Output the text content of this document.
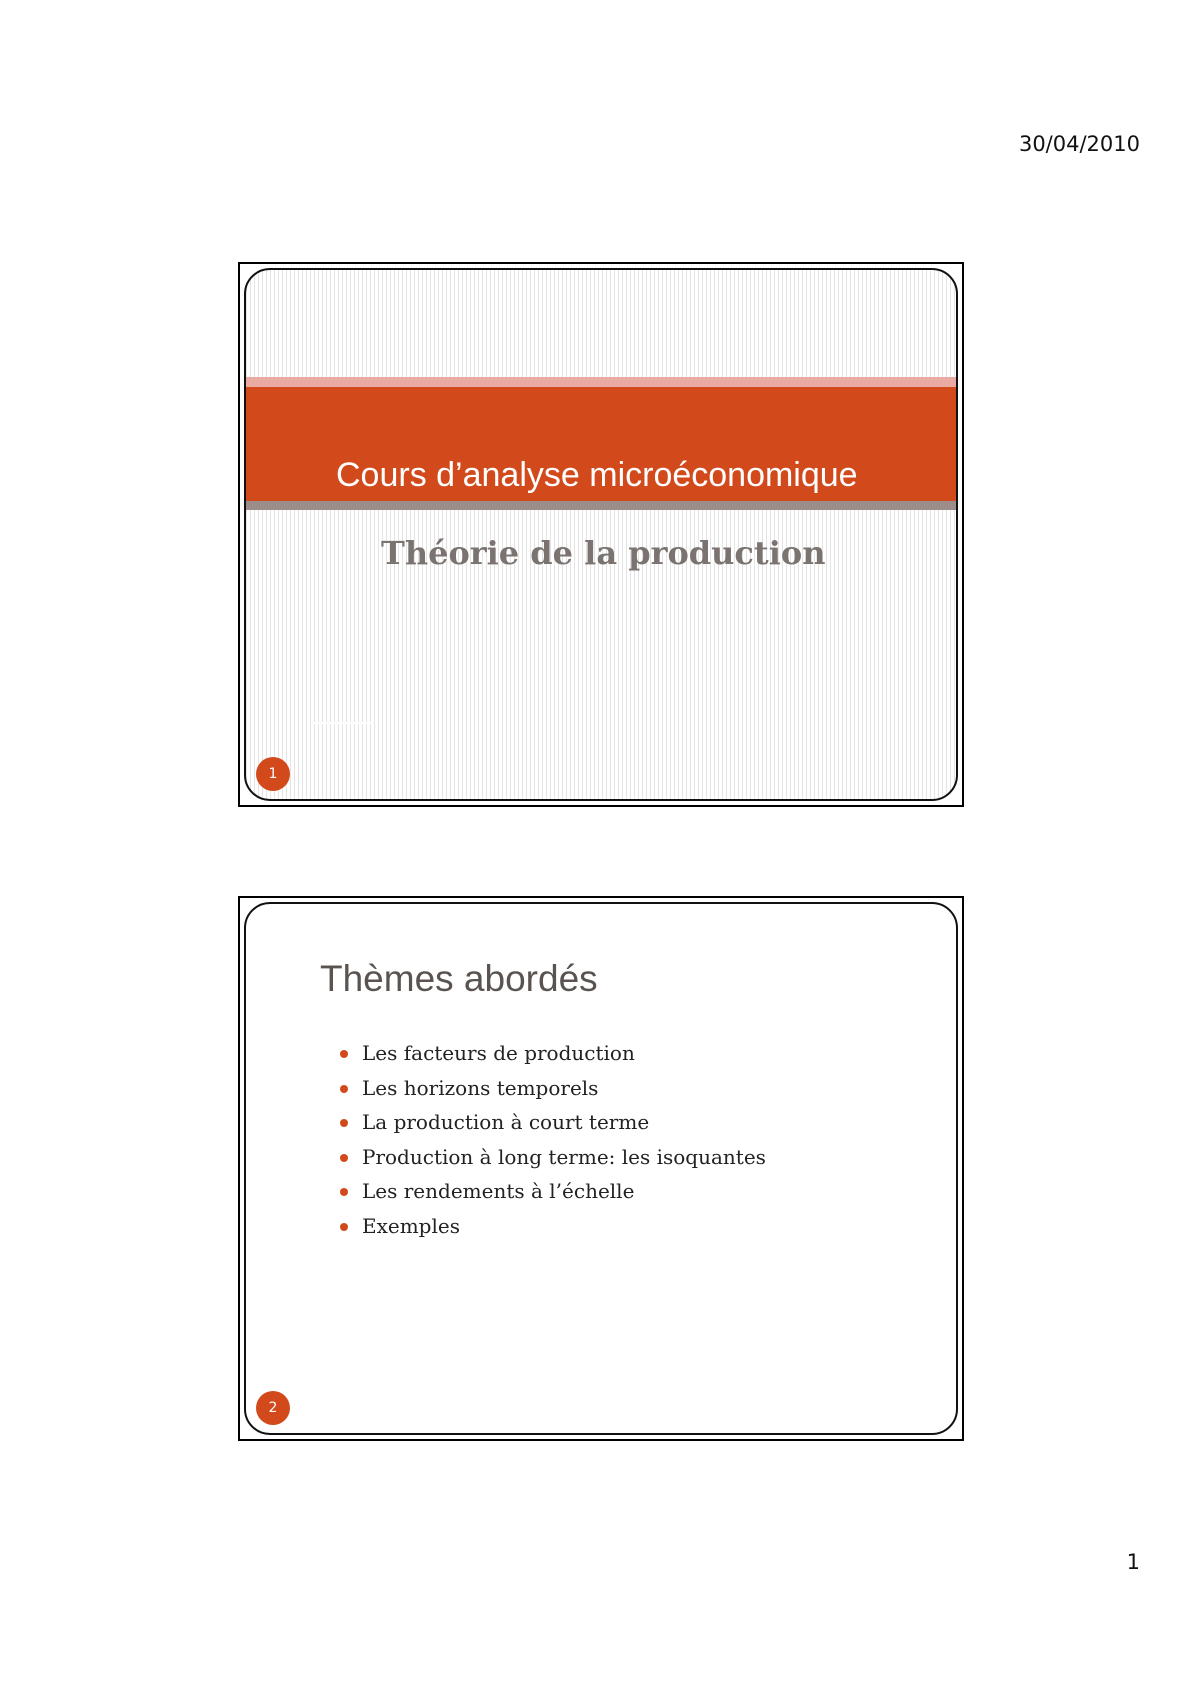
30/04/2010
Cours d’analyse microéconomique
Théorie de la production
1
Thèmes abordés
Les facteurs de production
Les horizons temporels
La production à court terme
Production à long terme: les isoquantes
Les rendements à l’échelle
Exemples
2
1
